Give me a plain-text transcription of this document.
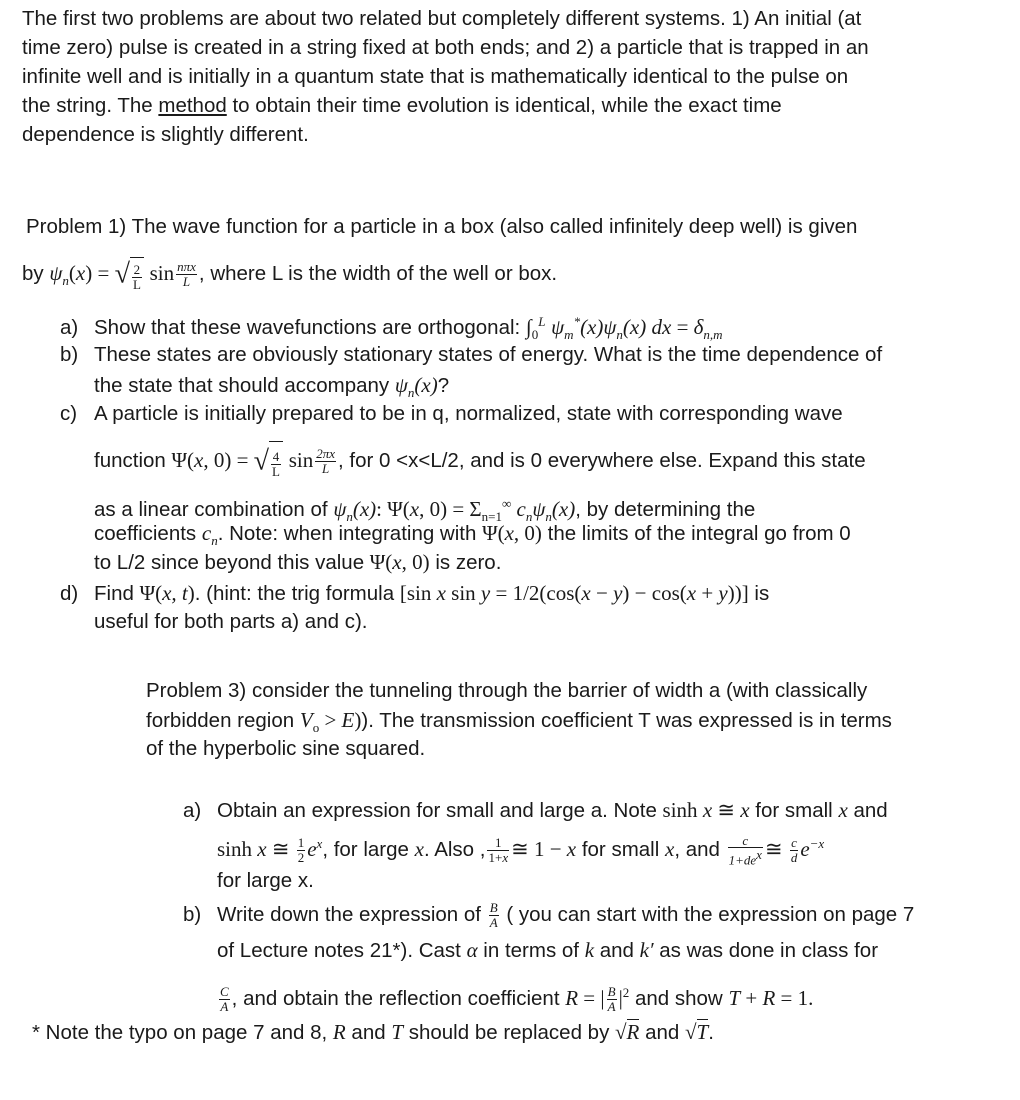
The first two problems are about two related but completely different systems. 1) An initial (at
time zero) pulse is created in a string fixed at both ends; and 2) a particle that is trapped in an
infinite well and is initially in a quantum state that is mathematically identical to the pulse on
the string. The method to obtain their time evolution is identical, while the exact time
dependence is slightly different.
Problem 1) The wave function for a particle in a box (also called infinitely deep well) is given
by $\psi_n(x)$ = √ $\frac{2}{L}$ $\sin \frac{\text{nπx}}{L}$ , where L is the width of the well or box.
a) Show that these wavefunctions are orthogonal: $\int_0^L$ $\psi_m^*(x)\psi_n(x)$ dx = $\delta_{n,m}$
b) These states are obviously stationary states of energy. What is the time dependence of
the state that should accompany $\psi_n(x)$?
c) A particle is initially prepared to be in q, normalized, state with corresponding wave
function Ψ(x, 0) = √ $\frac{4}{L}$ $\sin \frac{2\pi x}{L}$ , for 0 <x<L/2, and is 0 everywhere else. Expand this state
as a linear combination of $\psi_n(x)$: Ψ(x, $0) = \Sigma_{n=1}^\infty$ $c_n\psi_n(x)$, by determining the
coefficients $c_n$. Note: when integrating with Ψ(x, 0) the limits of the integral go from 0
to L/2 since beyond this value Ψ(x, 0) is zero.
d) Find Ψ(x, t). (hint: the trig formula [sin x sin y = 1/2(cos(x − y) − cos(x + y))] is
useful for both parts a) and c).
Problem 3) consider the tunneling through the barrier of width a (with classically
forbidden region $V_o > E$)). The transmission coefficient T was expressed is in terms
of the hyperbolic sine squared.
a) Obtain an expression for small and large a. Note sinh x ≅ x for small x and
sinh x ≅ $\frac{1}{2} e^x$, for large x. Also , $\frac{1}{1+x}$ ≅ 1 − x for small x, and $\frac{c}{1+de^x}$ ≅ $\frac{c}{d} e^{-x}$
for large x.
b) Write down the expression of $\frac{B}{A}$ ( you can start with the expression on page 7
of Lecture notes 21*). Cast α in terms of k and k′ as was done in class for
$\frac{C}{A}$ , and obtain the reflection coefficient R = | $\frac{B}{A} |^2$ and show T + R = 1.
* Note the typo on page 7 and 8, R and T should be replaced by √R and √T.
